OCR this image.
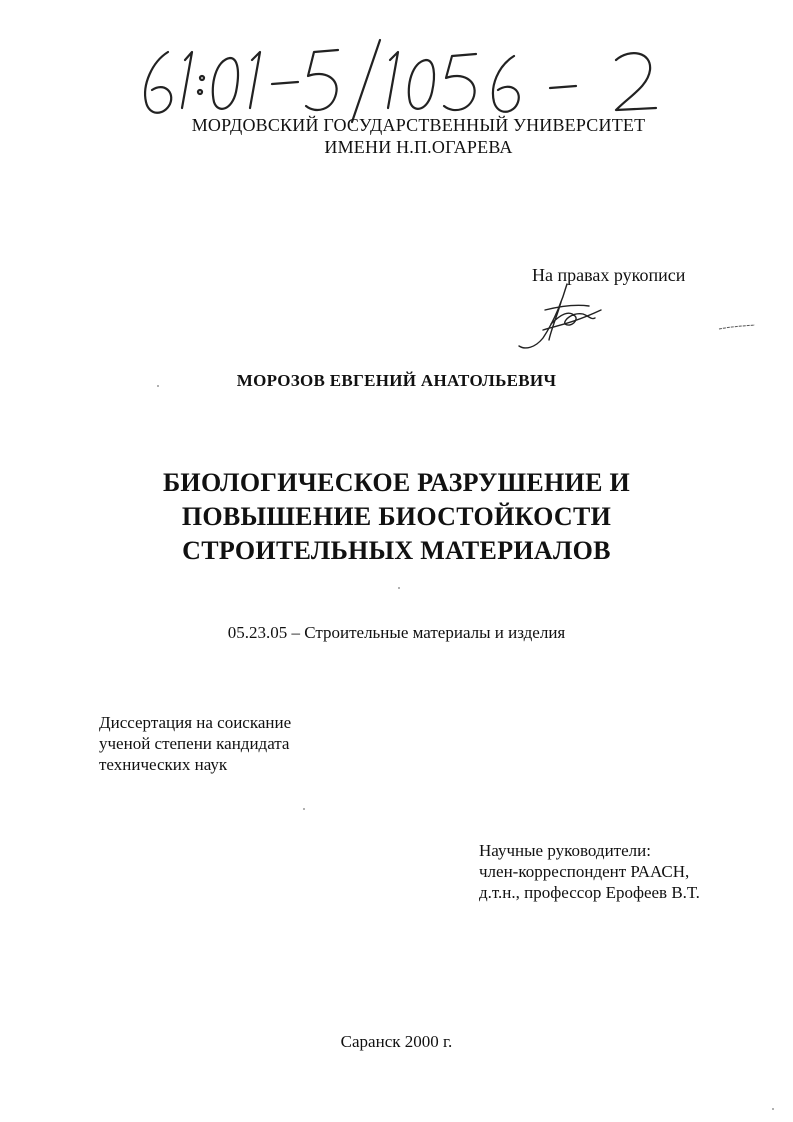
МОРДОВСКИЙ ГОСУДАРСТВЕННЫЙ УНИВЕРСИТЕТ
ИМЕНИ Н.П.ОГАРЕВА
На правах рукописи
МОРОЗОВ ЕВГЕНИЙ АНАТОЛЬЕВИЧ
БИОЛОГИЧЕСКОЕ РАЗРУШЕНИЕ И
ПОВЫШЕНИЕ БИОСТОЙКОСТИ
СТРОИТЕЛЬНЫХ МАТЕРИАЛОВ
05.23.05 – Строительные материалы и изделия
Диссертация на соискание
ученой степени кандидата
технических наук
Научные руководители:
член-корреспондент РААСН,
д.т.н., профессор Ерофеев В.Т.
Саранск 2000 г.
